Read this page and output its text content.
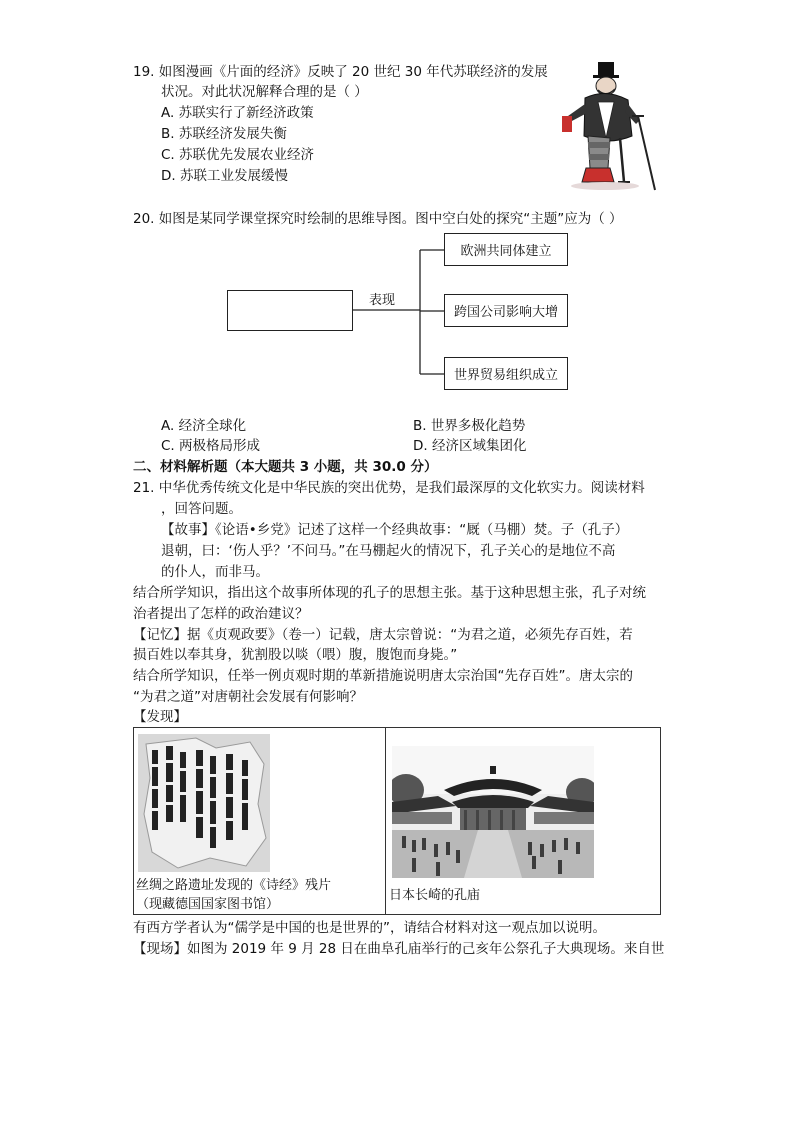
19. 如图漫画《片面的经济》反映了 20 世纪 30 年代苏联经济的发展
状况。对此状况解释合理的是（ ）
A. 苏联实行了新经济政策
B. 苏联经济发展失衡
C. 苏联优先发展农业经济
D. 苏联工业发展缓慢
20. 如图是某同学课堂探究时绘制的思维导图。图中空白处的探究“主题”应为（ ）
表现
欧洲共同体建立
跨国公司影响大增
世界贸易组织成立
A. 经济全球化	B. 世界多极化趋势
C. 两极格局形成	D. 经济区域集团化
二、材料解析题（本大题共 3 小题，共 30.0 分）
21. 中华优秀传统文化是中华民族的突出优势，是我们最深厚的文化软实力。阅读材料
，回答问题。
【故事】《论语•乡党》记述了这样一个经典故事：“厩（马棚）焚。子（孔子）
退朝，曰：‘伤人乎？’不问马。”在马棚起火的情况下，孔子关心的是地位不高
的仆人，而非马。
结合所学知识，指出这个故事所体现的孔子的思想主张。基于这种思想主张，孔子对统
治者提出了怎样的政治建议？
【记忆】据《贞观政要》（卷一）记载，唐太宗曾说：“为君之道，必须先存百姓，若
损百姓以奉其身，犹割股以啖（喂）腹，腹饱而身毙。”
结合所学知识，任举一例贞观时期的革新措施说明唐太宗治国“先存百姓”。唐太宗的
“为君之道”对唐朝社会发展有何影响？
【发现】
丝绸之路遗址发现的《诗经》残片
（现藏德国国家图书馆）
日本长崎的孔庙
有西方学者认为“儒学是中国的也是世界的”，请结合材料对这一观点加以说明。
【现场】如图为 2019 年 9 月 28 日在曲阜孔庙举行的己亥年公祭孔子大典现场。来自世
